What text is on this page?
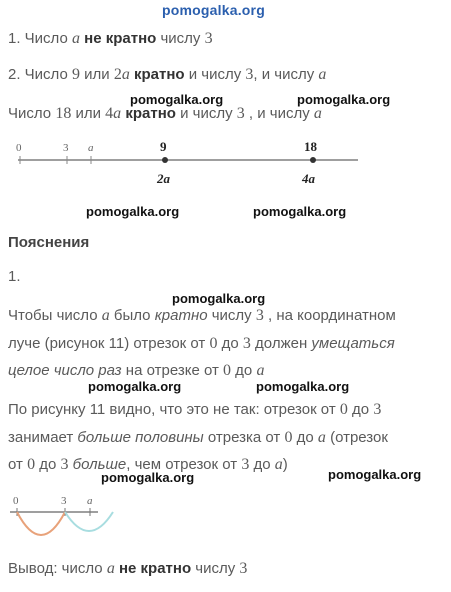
pomogalka.org
1. Число a не кратно числу 3
2. Число 9 или 2a кратно и числу 3, и числу a
pomogalka.org	pomogalka.org
Число 18 или 4a кратно и числу 3 , и числу a
0	3 a	9	18
2a	4a
pomogalka.org	pomogalka.org
Пояснения
1.
pomogalka.org
Чтобы число a было кратно числу 3 , на координатном
луче (рисунок 11) отрезок от 0 до 3 должен умещаться
целое число раз на отрезке от 0 до a
pomogalka.org	pomogalka.org
По рисунку 11 видно, что это не так: отрезок от 0 до 3
занимает больше половины отрезка от 0 до a (отрезок
от 0 до 3 больше, чем отрезок от 3 до a)
pomogalka.org	pomogalka.org
0	3 a
Вывод: число a не кратно числу 3
